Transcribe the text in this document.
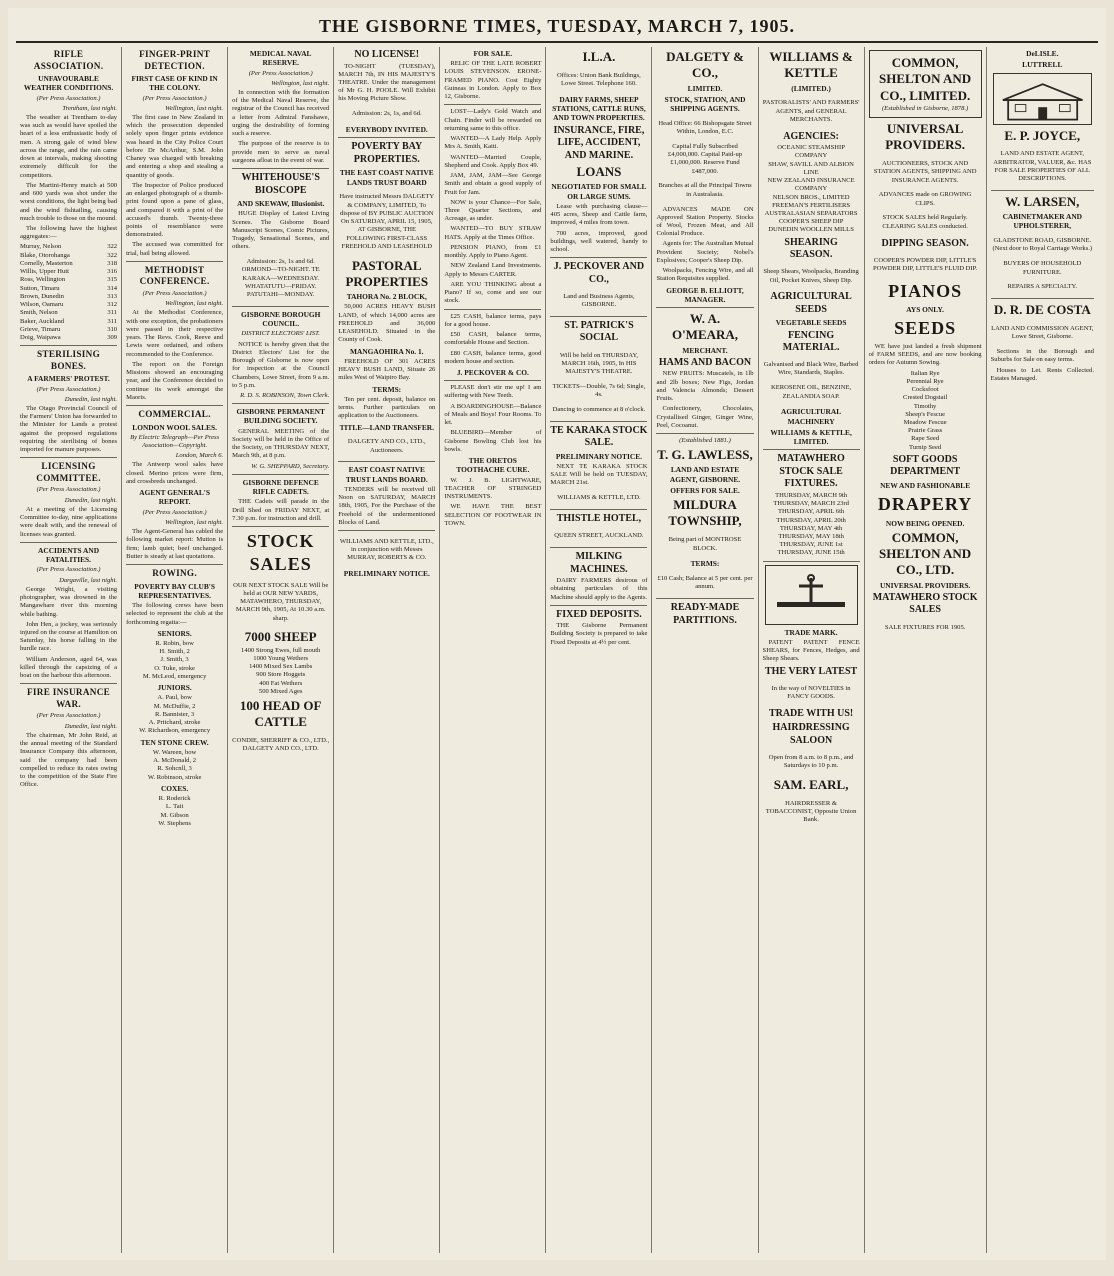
THE GISBORNE TIMES, TUESDAY, MARCH 7, 1905.
RIFLE ASSOCIATION.
UNFAVOURABLE WEATHER CONDITIONS.
(Per Press Association.)
Trentham, last night.

The weather at Trentham to-day was such as would have spoiled the heart of a less enthusiastic body of men. A strong gale of wind blew across the range, and the rain came down at intervals, making shooting extremely difficult for the competitors.

The Martini-Henry match at 500 and 600 yards was shot under the worst conditions, the light being bad and the wind fishtailing, causing much trouble to those on the mound.

The following have the highest aggregates:—

Murray, Nelson	322
Blake, Otorohanga	322
Cornelly, Masterton	318
Willis, Upper Hutt	316
Ross, Wellington	315
Sutton, Timaru	314
Brown, Dunedin	313
Wilson, Oamaru	312
Smith, Nelson	311
Baker, Auckland	311
Grieve, Timaru	310
Doig, Waipawa	309
STERILISING BONES.
A FARMERS' PROTEST.
(Per Press Association.)
Dunedin, last night.

The Otago Provincial Council of the Farmers' Union has forwarded to the Minister for Lands a protest against the proposed regulations requiring the sterilising of bones imported for manure purposes.

LICENSING COMMITTEE.
(Per Press Association.)
Dunedin, last night.

At a meeting of the Licensing Committee to-day, nine applications were dealt with, and the renewal of licenses was granted.

ACCIDENTS AND FATALITIES.
(Per Press Association.)
Dargaville, last night.

George Wright, a visiting photographer, was drowned in the Mangawhare river this morning while bathing.

John Hen, a jockey, was seriously injured on the course at Hamilton on Saturday, his horse falling in the hurdle race.

William Anderson, aged 64, was killed through the capsizing of a boat on the harbour this afternoon.

FIRE INSURANCE WAR.
(Per Press Association.)
Dunedin, last night.

The chairman, Mr John Reid, at the annual meeting of the Standard Insurance Company this afternoon, said the company had been compelled to reduce its rates owing to the competition of the State Fire Office.

FINGER-PRINT DETECTION.
FIRST CASE OF KIND IN THE COLONY.
(Per Press Association.)
Wellington, last night.

The first case in New Zealand in which the prosecution depended solely upon finger prints evidence was heard in the City Police Court before Dr McArthur, S.M. John Chaney was charged with breaking and entering a shop and stealing a quantity of goods.

The Inspector of Police produced an enlarged photograph of a thumb-print found upon a pane of glass, and compared it with a print of the accused's thumb. Twenty-three points of resemblance were demonstrated.

The accused was committed for trial, bail being allowed.

METHODIST CONFERENCE.
(Per Press Association.)
Wellington, last night.

At the Methodist Conference, with one exception, the probationers were passed in their respective years. The Revs. Cook, Reeve and Lewis were ordained, and others recommended to the Conference.

The report on the Foreign Missions showed an encouraging year, and the Conference decided to continue its work amongst the Maoris.

COMMERCIAL.
LONDON WOOL SALES.
By Electric Telegraph—Per Press Association—Copyright.
London, March 6.

The Antwerp wool sales have closed. Merino prices were firm, and crossbreds unchanged.

AGENT GENERAL'S REPORT.
(Per Press Association.)
Wellington, last night.

The Agent-General has cabled the following market report: Mutton is firm; lamb quiet; beef unchanged. Butter is steady at last quotations.

ROWING.
POVERTY BAY CLUB'S REPRESENTATIVES.

The following crews have been selected to represent the club at the forthcoming regatta:—

SENIORS.
R. Robin, bow
H. Smith, 2
J. Smith, 3
O. Tuke, stroke
M. McLeod, emergency
JUNIORS.
A. Paul, bow
M. McDuffie, 2
R. Bannister, 3
A. Pritchard, stroke
W. Richardson, emergency
TEN STONE CREW.
W. Wareen, bow
A. McDonald, 2
R. Sohcnll, 3
W. Robinson, stroke
COXES.
R. Roderick
L. Tait
M. Gibson
W. Stephens
MEDICAL NAVAL RESERVE.
(Per Press Association.)
Wellington, last night.

In connection with the formation of the Medical Naval Reserve, the registrar of the Council has received a letter from Admiral Fanshawe, urging the desirability of forming such a reserve.

The purpose of the reserve is to provide men to serve as naval surgeons afloat in the event of war.

WHITEHOUSE'S BIOSCOPE
AND SKEWAW, Illusionist.

HUGE Display of Latest Living Scenes. The Gisborne Board Manuscript Scenes, Comic Pictures, Tragedy, Sensational Scenes, and others.

Admission: 2s, 1s and 6d. ORMOND—TO-NIGHT. TE KARAKA—WEDNESDAY. WHATATUTU—FRIDAY. PATUTAHI—MONDAY.

GISBORNE BOROUGH COUNCIL.
DISTRICT ELECTORS' LIST.

NOTICE is hereby given that the District Electors' List for the Borough of Gisborne is now open for inspection at the Council Chambers, Lowe Street, from 9 a.m. to 5 p.m.

R. D. S. ROBINSON, Town Clerk.
GISBORNE PERMANENT BUILDING SOCIETY.

GENERAL MEETING of the Society will be held in the Office of the Society, on THURSDAY NEXT, March 9th, at 8 p.m.

W. G. SHEPPARD, Secretary.
GISBORNE DEFENCE RIFLE CADETS.

THE Cadets will parade in the Drill Shed on FRIDAY NEXT, at 7.30 p.m. for instruction and drill.

STOCK SALES

OUR NEXT STOCK SALE Will be held at OUR NEW YARDS, MATAWHERO, THURSDAY, MARCH 9th, 1905, At 10.30 a.m. sharp.

7000 SHEEP
1400 Strong Ewes, full mouth
1000 Young Wethers
1400 Mixed Sex Lambs
900 Store Hoggets
400 Fat Wethers
500 Mixed Ages
100 HEAD OF CATTLE

CONDIE, SHERRIFF & CO., LTD., DALGETY AND CO., LTD.

NO LICENSE!

TO-NIGHT (TUESDAY), MARCH 7th, IN HIS MAJESTY'S THEATRE. Under the management of Mr G. H. POOLE. Will Exhibit his Moving Picture Show.

Admission: 2s, 1s, and 6d.

EVERYBODY INVITED.
POVERTY BAY PROPERTIES.
THE EAST COAST NATIVE LANDS TRUST BOARD

Have instructed Messrs DALGETY & COMPANY, LIMITED, To dispose of BY PUBLIC AUCTION On SATURDAY, APRIL 15, 1905, AT GISBORNE, THE FOLLOWING FIRST-CLASS FREEHOLD AND LEASEHOLD

PASTORAL PROPERTIES
TAHORA No. 2 BLOCK,

50,000 ACRES HEAVY BUSH LAND, of which 14,000 acres are FREEHOLD and 36,000 LEASEHOLD. Situated in the County of Cook.

MANGAOHIRA No. 1.

FREEHOLD OF 301 ACRES HEAVY BUSH LAND, Situate 26 miles West of Waipiro Bay.

TERMS:

Ten per cent. deposit, balance on terms. Further particulars on application to the Auctioneers.

TITLE—LAND TRANSFER.

DALGETY AND CO., LTD., Auctioneers.

EAST COAST NATIVE TRUST LANDS BOARD.

TENDERS will be received till Noon on SATURDAY, MARCH 18th, 1905, For the Purchase of the Freehold of the undermentioned Blocks of Land.

WILLIAMS AND KETTLE, LTD., in conjunction with Messrs MURRAY, ROBERTS & CO.

PRELIMINARY NOTICE.
FOR SALE.

RELIC OF THE LATE ROBERT LOUIS STEVENSON. ERONE-FRAMED PIANO. Cost Eighty Guineas in London. Apply to Box 12, Gisborne.

LOST—Lady's Gold Watch and Chain. Finder will be rewarded on returning same to this office.

WANTED—A Lady Help. Apply Mrs A. Smith, Kaiti.

WANTED—Married Couple, Shepherd and Cook. Apply Box 49.

JAM, JAM, JAM—See George Smith and obtain a good supply of Fruit for Jam.

NOW is your Chance—For Sale, Three Quarter Sections, and Acreage, as under.

WANTED—TO BUY STRAW HATS. Apply at the Times Office.

PENSION PIANO, from £1 monthly. Apply to Piano Agent.

NEW Zealand Land Investments. Apply to Messrs CARTER.

ARE YOU THINKING about a Piano? If so, come and see our stock.

£25 CASH, balance terms, pays for a good house.

£50 CASH, balance terms, comfortable House and Section.

£80 CASH, balance terms, good modern house and section.

J. PECKOVER & CO.

PLEASE don't stir me up! I am suffering with New Teeth.

A BOARDINGHOUSE—Balance of Meals and Boys! Four Rooms. To let.

BLUEBIRD—Member of Gisborne Bowling Club lost his bowls.

THE ORETOS TOOTHACHE CURE.

W. J. B. LIGHTWARE, TEACHER OF STRINGED INSTRUMENTS.

WE HAVE THE BEST SELECTION OF FOOTWEAR IN TOWN.

I.L.A.

Offices: Union Bank Buildings, Lowe Street. Telephone 160.

DAIRY FARMS, SHEEP STATIONS, CATTLE RUNS, AND TOWN PROPERTIES.
INSURANCE, FIRE, LIFE, ACCIDENT, AND MARINE.
LOANS
NEGOTIATED FOR SMALL OR LARGE SUMS.

Lease with purchasing clause—405 acres, Sheep and Cattle farm, improved, 4 miles from town.

700 acres, improved, good buildings, well watered, handy to school.

J. PECKOVER AND CO.,

Land and Business Agents, GISBORNE.

ST. PATRICK'S SOCIAL

Will be held on THURSDAY, MARCH 16th, 1905, In HIS MAJESTY'S THEATRE.

TICKETS—Double, 7s 6d; Single, 4s.

Dancing to commence at 8 o'clock.

TE KARAKA STOCK SALE.
PRELIMINARY NOTICE.

NEXT TE KARAKA STOCK SALE Will be held on TUESDAY, MARCH 21st.

WILLIAMS & KETTLE, LTD.

THISTLE HOTEL,

QUEEN STREET, AUCKLAND.

MILKING MACHINES.

DAIRY FARMERS desirous of obtaining particulars of this Machine should apply to the Agents.

FIXED DEPOSITS.

THE Gisborne Permanent Building Society is prepared to take Fixed Deposits at 4½ per cent.

DALGETY & CO.,
LIMITED.
STOCK, STATION, AND SHIPPING AGENTS.

Head Office: 66 Bishopsgate Street Within, London, E.C.

Capital Fully Subscribed £4,000,000. Capital Paid-up £1,000,000. Reserve Fund £487,000.

Branches at all the Principal Towns in Australasia.

ADVANCES MADE ON Approved Station Property. Stocks of Wool, Frozen Meat, and All Colonial Produce.

Agents for: The Australian Mutual Provident Society; Nobel's Explosives; Cooper's Sheep Dip.

Woolpacks, Fencing Wire, and all Station Requisites supplied.

GEORGE B. ELLIOTT, MANAGER.
W. A. O'MEARA,
MERCHANT.
HAMS AND BACON

NEW FRUITS: Muscatels, in 1lb and 2lb boxes; New Figs, Jordan and Valencia Almonds; Dessert Fruits.

Confectionery, Chocolates, Crystallised Ginger, Ginger Wine, Peel, Cocoanut.

(Established 1881.)
T. G. LAWLESS,
LAND AND ESTATE AGENT, GISBORNE.
OFFERS FOR SALE.
MILDURA TOWNSHIP,

Being part of MONTROSE BLOCK.

TERMS:

£10 Cash; Balance at 5 per cent. per annum.

READY-MADE PARTITIONS.
WILLIAMS & KETTLE
(LIMITED.)

PASTORALISTS' AND FARMERS' AGENTS, and GENERAL MERCHANTS.

AGENCIES:
OCEANIC STEAMSHIP COMPANY
SHAW, SAVILL AND ALBION LINE
NEW ZEALAND INSURANCE COMPANY
NELSON BROS., LIMITED
FREEMAN'S FERTILISERS
AUSTRALASIAN SEPARATORS
COOPER'S SHEEP DIP
DUNEDIN WOOLLEN MILLS
SHEARING SEASON.

Sheep Shears, Woolpacks, Branding Oil, Pocket Knives, Sheep Dip.

AGRICULTURAL SEEDS
VEGETABLE SEEDS
FENCING MATERIAL.

Galvanised and Black Wire, Barbed Wire, Standards, Staples.

KEROSENE OIL, BENZINE, ZEALANDIA SOAP.

AGRICULTURAL MACHINERY
WILLIAMS & KETTLE, LIMITED.
MATAWHERO STOCK SALE FIXTURES.
THURSDAY, MARCH 9th
THURSDAY, MARCH 23rd
THURSDAY, APRIL 6th
THURSDAY, APRIL 20th
THURSDAY, MAY 4th
THURSDAY, MAY 18th
THURSDAY, JUNE 1st
THURSDAY, JUNE 15th
TRADE MARK.

PATENT PATENT FENCE SHEARS, for Fences, Hedges, and Sheep Shears.

THE VERY LATEST

In the way of NOVELTIES in FANCY GOODS.

TRADE WITH US!
HAIRDRESSING SALOON

Open from 8 a.m. to 8 p.m., and Saturdays to 10 p.m.

SAM. EARL,

HAIRDRESSER & TOBACCONIST, Opposite Union Bank.

COMMON, SHELTON AND CO., LIMITED.
(Established in Gisborne, 1878.)
UNIVERSAL PROVIDERS.

AUCTIONEERS, STOCK AND STATION AGENTS, SHIPPING AND INSURANCE AGENTS.

ADVANCES made on GROWING CLIPS.

STOCK SALES held Regularly. CLEARING SALES conducted.

DIPPING SEASON.

COOPER'S POWDER DIP, LITTLE'S POWDER DIP, LITTLE'S FLUID DIP.

PIANOS
AYS ONLY.
SEEDS

WE have just landed a fresh shipment of FARM SEEDS, and are now booking orders for Autumn Sowing.

Italian Rye
Perennial Rye
Cocksfoot
Crested Dogstail
Timothy
Sheep's Fescue
Meadow Fescue
Prairie Grass
Rape Seed
Turnip Seed
SOFT GOODS DEPARTMENT
NEW AND FASHIONABLE
DRAPERY
NOW BEING OPENED.
COMMON, SHELTON AND CO., LTD.
UNIVERSAL PROVIDERS.
MATAWHERO STOCK SALES

SALE FIXTURES FOR 1905.

DeLISLE.
LUTTRELL
E. P. JOYCE,

LAND AND ESTATE AGENT, ARBITRATOR, VALUER, &c. HAS FOR SALE PROPERTIES OF ALL DESCRIPTIONS.

W. LARSEN,
CABINETMAKER AND UPHOLSTERER,

GLADSTONE ROAD, GISBORNE. (Next door to Royal Carriage Works.)

BUYERS OF HOUSEHOLD FURNITURE.

REPAIRS A SPECIALTY.

D. R. DE COSTA

LAND AND COMMISSION AGENT, Lowe Street, Gisborne.

Sections in the Borough and Suburbs for Sale on easy terms.

Houses to Let. Rents Collected. Estates Managed.
